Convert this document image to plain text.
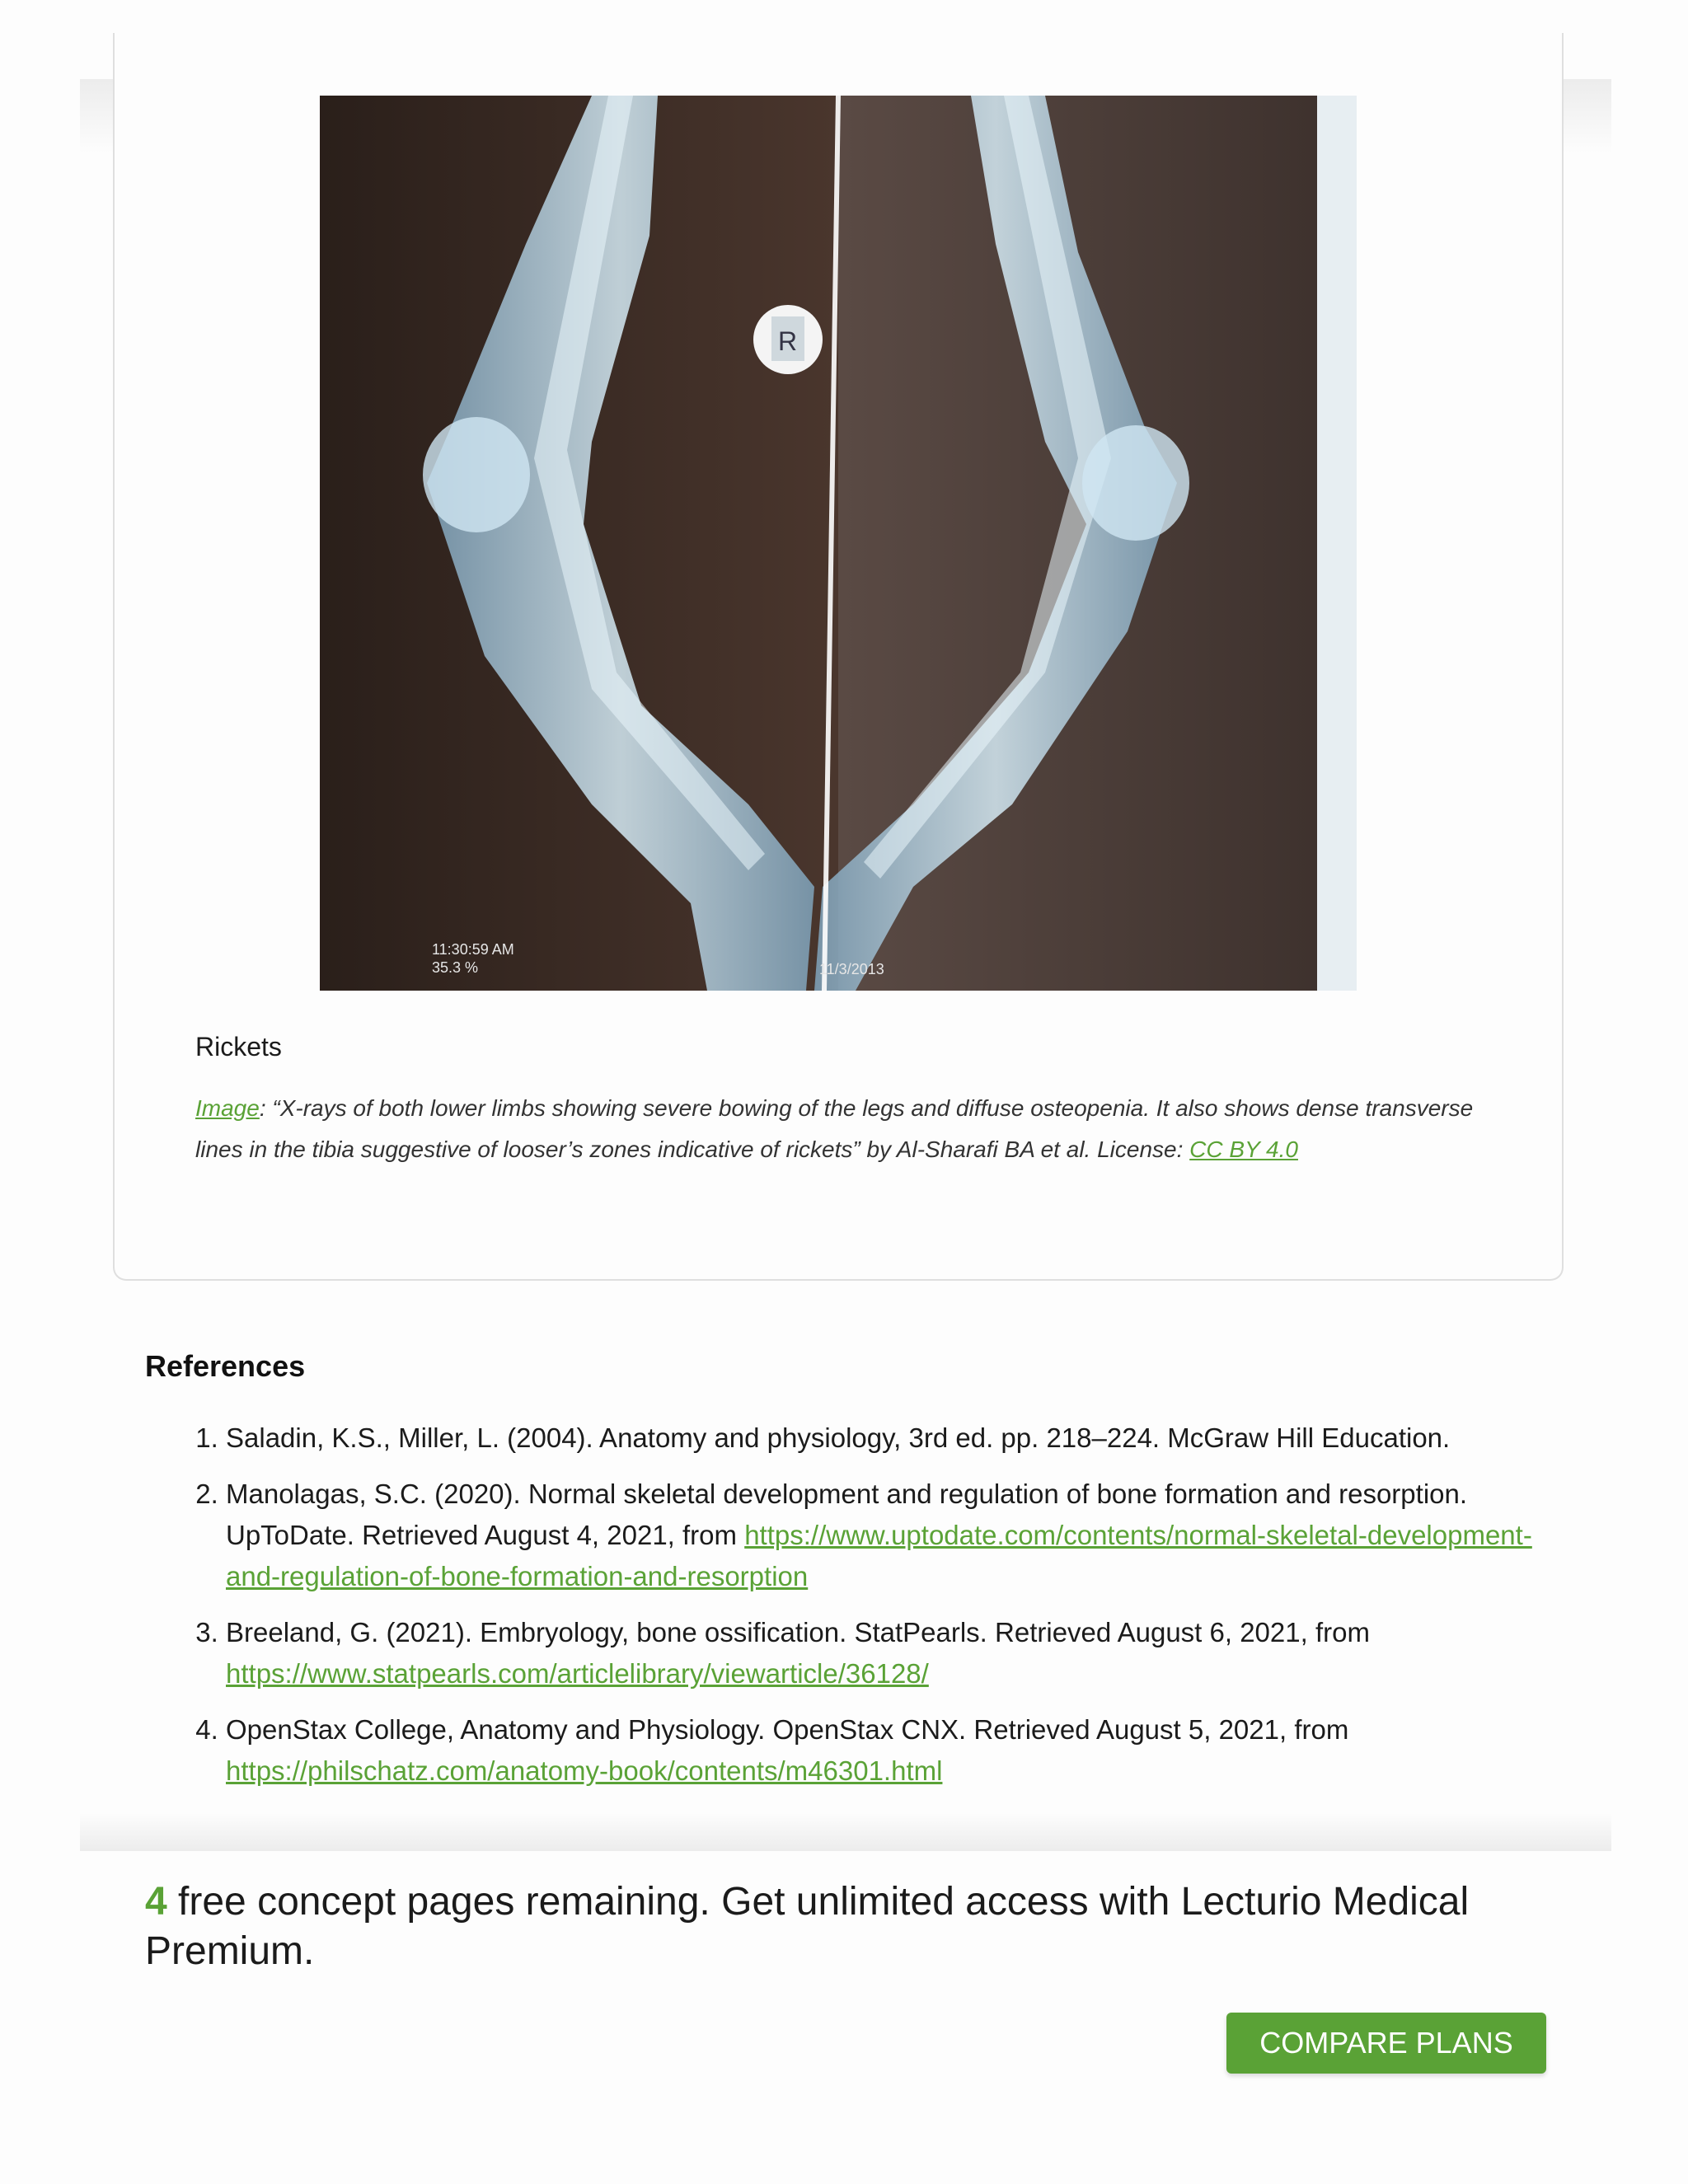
R
11:30:59 AM
35.3 %	11/3/2013
Rickets
Image: “X-rays of both lower limbs showing severe bowing of the legs and diffuse osteopenia. It also shows dense transverse lines in the tibia suggestive of looser’s zones indicative of rickets” by Al-Sharafi BA et al. License: CC BY 4.0
References
1. Saladin, K.S., Miller, L. (2004). Anatomy and physiology, 3rd ed. pp. 218–224. McGraw Hill Education.
2. Manolagas, S.C. (2020). Normal skeletal development and regulation of bone formation and resorption. UpToDate. Retrieved August 4, 2021, from https://www.uptodate.com/contents/normal-skeletal-development-and-regulation-of-bone-formation-and-resorption
3. Breeland, G. (2021). Embryology, bone ossification. StatPearls. Retrieved August 6, 2021, from https://www.statpearls.com/articlelibrary/viewarticle/36128/
4. OpenStax College, Anatomy and Physiology. OpenStax CNX. Retrieved August 5, 2021, from https://philschatz.com/anatomy-book/contents/m46301.html
4 free concept pages remaining. Get unlimited access with Lecturio Medical Premium.
COMPARE PLANS
